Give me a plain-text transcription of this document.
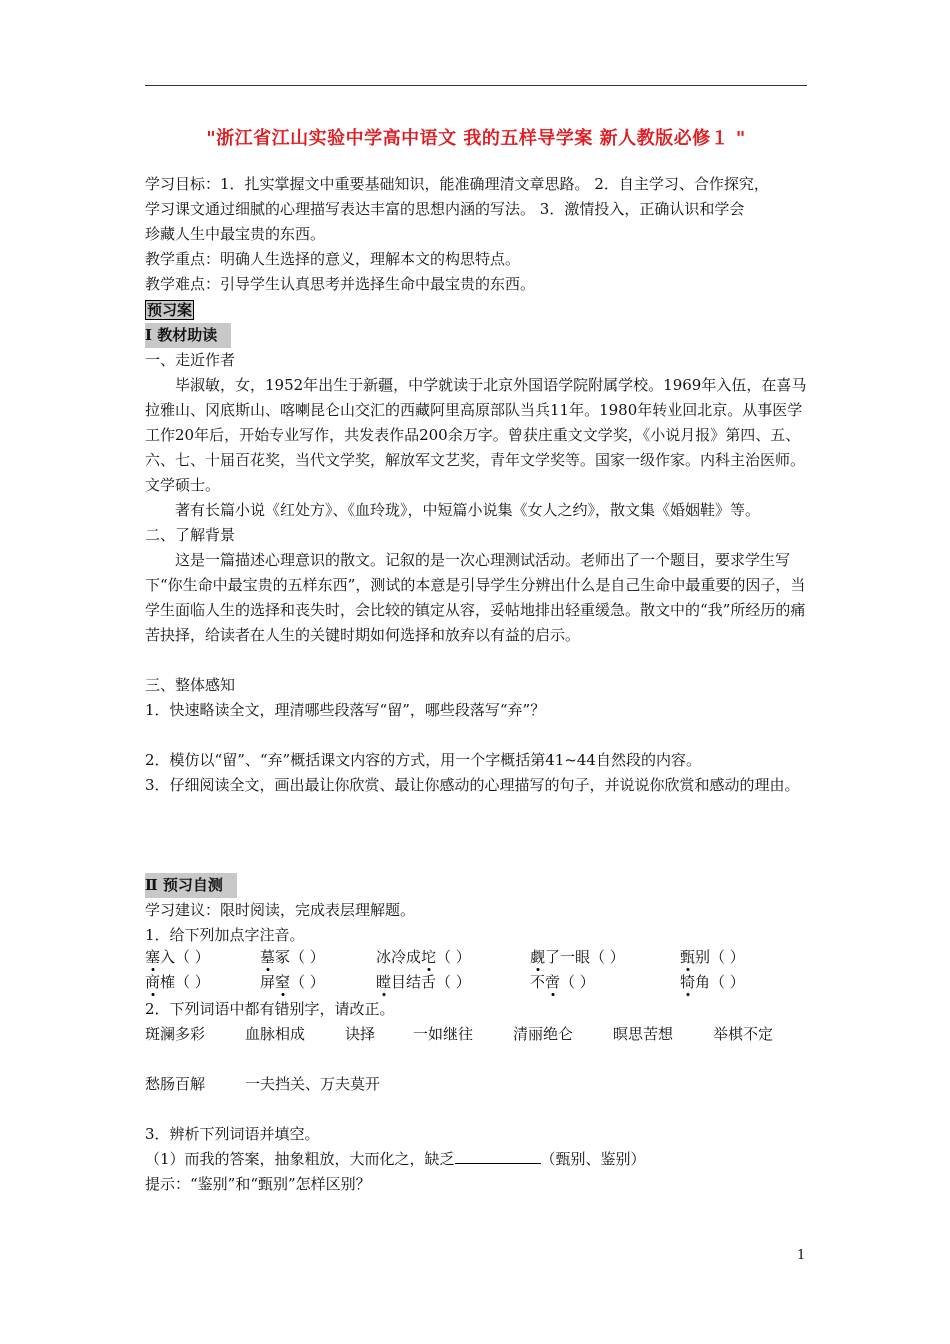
"浙江省江山实验中学高中语文 我的五样导学案 新人教版必修１ "
学习目标：1．扎实掌握文中重要基础知识，能准确理清文章思路。 2．自主学习、合作探究，
学习课文通过细腻的心理描写表达丰富的思想内涵的写法。 3．激情投入，正确认识和学会
珍藏人生中最宝贵的东西。
教学重点：明确人生选择的意义，理解本文的构思特点。
教学难点：引导学生认真思考并选择生命中最宝贵的东西。
预习案
Ⅰ 教材助读
一、走近作者
毕淑敏，女，1952年出生于新疆，中学就读于北京外国语学院附属学校。1969年入伍，在喜马拉雅山、冈底斯山、喀喇昆仑山交汇的西藏阿里高原部队当兵11年。1980年转业回北京。从事医学工作20年后，开始专业写作，共发表作品200余万字。曾获庄重文文学奖，《小说月报》第四、五、六、七、十届百花奖，当代文学奖，解放军文艺奖，青年文学奖等。国家一级作家。内科主治医师。文学硕士。
著有长篇小说《红处方》、《血玲珑》，中短篇小说集《女人之约》，散文集《婚姻鞋》等。
二、了解背景
这是一篇描述心理意识的散文。记叙的是一次心理测试活动。老师出了一个题目，要求学生写下“你生命中最宝贵的五样东西”，测试的本意是引导学生分辨出什么是自己生命中最重要的因子，当学生面临人生的选择和丧失时，会比较的镇定从容，妥帖地排出轻重缓急。散文中的“我”所经历的痛苦抉择，给读者在人生的关键时期如何选择和放弃以有益的启示。
三、整体感知
1．快速略读全文，理清哪些段落写“留”，哪些段落写“弃”？
2．模仿以“留”、“弃”概括课文内容的方式，用一个字概括第41~44自然段的内容。
3．仔细阅读全文，画出最让你欣赏、最让你感动的心理描写的句子，并说说你欣赏和感动的理由。
Ⅱ 预习自测
学习建议：限时阅读，完成表层理解题。
1．给下列加点字注音。
塞入（ ）	墓冢（ ）	冰冷成坨（ ）	觑了一眼（ ）	甄别（ ）
商榷（ ）	屏窒（ ）	瞠目结舌（ ）	不啻（ ）	犄角（ ）
2．下列词语中都有错别字，请改正。
斑澜多彩	血脉相成	诀择	一如继往	清丽绝仑	暝思苦想	举棋不定
愁肠百解	一夫挡关、万夫莫开
3．辨析下列词语并填空。
（1）而我的答案，抽象粗放，大而化之，缺乏	（甄别、鉴别）
提示：“鉴别”和“甄别”怎样区别？
1
